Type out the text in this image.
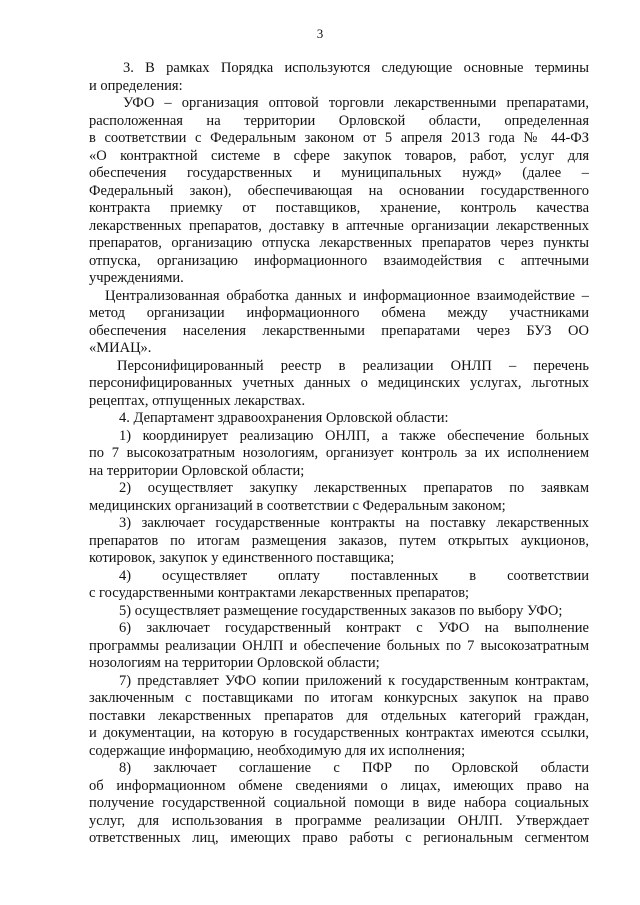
3
3. В рамках Порядка используются следующие основные термины
и определения:
УФО – организация оптовой торговли лекарственными препаратами,
расположенная на территории Орловской области, определенная
в соответствии с Федеральным законом от 5 апреля 2013 года № 44-ФЗ
«О контрактной системе в сфере закупок товаров, работ, услуг для
обеспечения государственных и муниципальных нужд» (далее –
Федеральный закон), обеспечивающая на основании государственного
контракта приемку от поставщиков, хранение, контроль качества
лекарственных препаратов, доставку в аптечные организации лекарственных
препаратов, организацию отпуска лекарственных препаратов через пункты
отпуска, организацию информационного взаимодействия с аптечными
учреждениями.
Централизованная обработка данных и информационное взаимодействие –
метод организации информационного обмена между участниками
обеспечения населения лекарственными препаратами через БУЗ ОО
«МИАЦ».
Персонифицированный реестр в реализации ОНЛП – перечень
персонифицированных учетных данных о медицинских услугах, льготных
рецептах, отпущенных лекарствах.
4. Департамент здравоохранения Орловской области:
1) координирует реализацию ОНЛП, а также обеспечение больных
по 7 высокозатратным нозологиям, организует контроль за их исполнением
на территории Орловской области;
2) осуществляет закупку лекарственных препаратов по заявкам
медицинских организаций в соответствии с Федеральным законом;
3) заключает государственные контракты на поставку лекарственных
препаратов по итогам размещения заказов, путем открытых аукционов,
котировок, закупок у единственного поставщика;
4) осуществляет оплату поставленных в соответствии
с государственными контрактами лекарственных препаратов;
5) осуществляет размещение государственных заказов по выбору УФО;
6) заключает государственный контракт с УФО на выполнение
программы реализации ОНЛП и обеспечение больных по 7 высокозатратным
нозологиям на территории Орловской области;
7) представляет УФО копии приложений к государственным контрактам,
заключенным с поставщиками по итогам конкурсных закупок на право
поставки лекарственных препаратов для отдельных категорий граждан,
и документации, на которую в государственных контрактах имеются ссылки,
содержащие информацию, необходимую для их исполнения;
8) заключает соглашение с ПФР по Орловской области
об информационном обмене сведениями о лицах, имеющих право на
получение государственной социальной помощи в виде набора социальных
услуг, для использования в программе реализации ОНЛП. Утверждает
ответственных лиц, имеющих право работы с региональным сегментом
